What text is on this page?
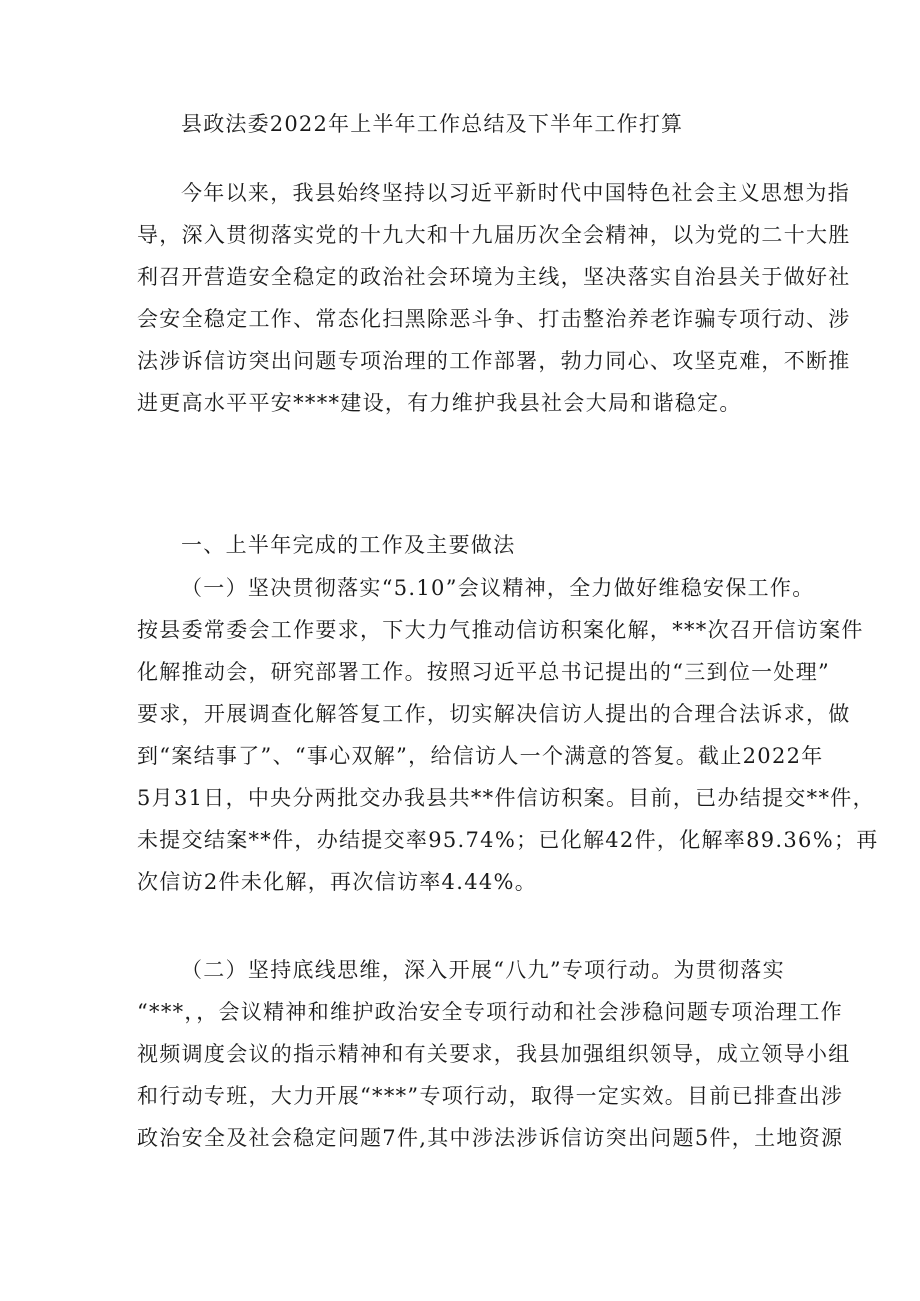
县政法委2022年上半年工作总结及下半年工作打算
今年以来，我县始终坚持以习近平新时代中国特色社会主义思想为指
导，深入贯彻落实党的十九大和十九届历次全会精神，以为党的二十大胜
利召开营造安全稳定的政治社会环境为主线，坚决落实自治县关于做好社
会安全稳定工作、常态化扫黑除恶斗争、打击整治养老诈骗专项行动、涉
法涉诉信访突出问题专项治理的工作部署，勃力同心、攻坚克难，不断推
进更高水平平安****建设，有力维护我县社会大局和谐稳定。
一、上半年完成的工作及主要做法
（一）坚决贯彻落实“5.10”会议精神，全力做好维稳安保工作。
按县委常委会工作要求，下大力气推动信访积案化解，***次召开信访案件
化解推动会，研究部署工作。按照习近平总书记提出的“三到位一处理”
要求，开展调查化解答复工作，切实解决信访人提出的合理合法诉求，做
到“案结事了”、“事心双解”，给信访人一个满意的答复。截止2022年
5月31日，中央分两批交办我县共**件信访积案。目前，已办结提交**件，
未提交结案**件，办结提交率95.74%；已化解42件，化解率89.36%；再
次信访2件未化解，再次信访率4.44%。
（二）坚持底线思维，深入开展“八九”专项行动。为贯彻落实
“***，，会议精神和维护政治安全专项行动和社会涉稳问题专项治理工作
视频调度会议的指示精神和有关要求，我县加强组织领导，成立领导小组
和行动专班，大力开展“***”专项行动，取得一定实效。目前已排查出涉
政治安全及社会稳定问题7件,其中涉法涉诉信访突出问题5件，土地资源
